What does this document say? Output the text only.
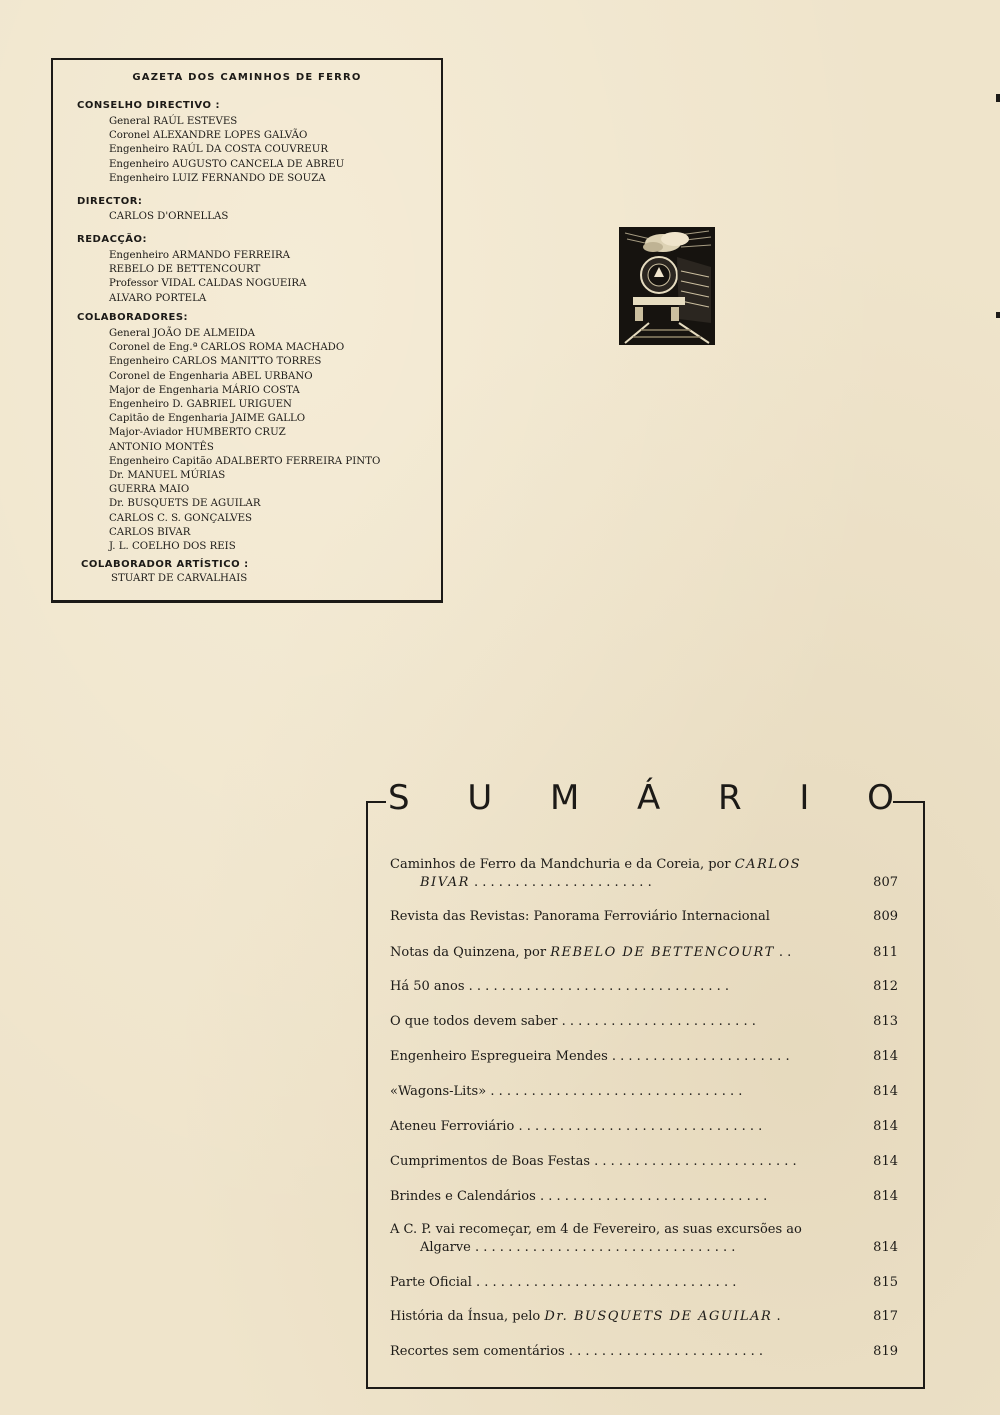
GAZETA DOS CAMINHOS DE FERRO
CONSELHO DIRECTIVO :
General RAÚL ESTEVES
Coronel ALEXANDRE LOPES GALVÃO
Engenheiro RAÚL DA COSTA COUVREUR
Engenheiro AUGUSTO CANCELA DE ABREU
Engenheiro LUIZ FERNANDO DE SOUZA
DIRECTOR:
CARLOS D'ORNELLAS
REDACÇÃO:
Engenheiro ARMANDO FERREIRA
REBELO DE BETTENCOURT
Professor VIDAL CALDAS NOGUEIRA
ALVARO PORTELA
COLABORADORES:
General JOÃO DE ALMEIDA
Coronel de Eng.ª CARLOS ROMA MACHADO
Engenheiro CARLOS MANITTO TORRES
Coronel de Engenharia ABEL URBANO
Major de Engenharia MÁRIO COSTA
Engenheiro D. GABRIEL URIGUEN
Capitão de Engenharia JAIME GALLO
Major-Aviador HUMBERTO CRUZ
ANTONIO MONTÊS
Engenheiro Capitão ADALBERTO FERREIRA PINTO
Dr. MANUEL MÚRIAS
GUERRA MAIO
Dr. BUSQUETS DE AGUILAR
CARLOS C. S. GONÇALVES
CARLOS BIVAR
J. L. COELHO DOS REIS
COLABORADOR ARTÍSTICO :
STUART DE CARVALHAIS
S U M Á R I O
Caminhos de Ferro da Mandchuria e da Coreia, por CARLOS
BIVAR . . . . . . . . . . . . . . . . . . . . . .	807
Revista das Revistas: Panorama Ferroviário Internacional	809
Notas da Quinzena, por REBELO DE BETTENCOURT . .	811
Há 50 anos . . . . . . . . . . . . . . . . . . . . . . . . . . . . . . . .	812
O que todos devem saber . . . . . . . . . . . . . . . . . . . . . . . .	813
Engenheiro Espregueira Mendes . . . . . . . . . . . . . . . . . . . . . .	814
«Wagons-Lits» . . . . . . . . . . . . . . . . . . . . . . . . . . . . . . .	814
Ateneu Ferroviário . . . . . . . . . . . . . . . . . . . . . . . . . . . . . .	814
Cumprimentos de Boas Festas . . . . . . . . . . . . . . . . . . . . . . . . .	814
Brindes e Calendários . . . . . . . . . . . . . . . . . . . . . . . . . . . .	814
A C. P. vai recomeçar, em 4 de Fevereiro, as suas excursões ao
Algarve . . . . . . . . . . . . . . . . . . . . . . . . . . . . . . . .	814
Parte Oficial . . . . . . . . . . . . . . . . . . . . . . . . . . . . . . . .	815
História da Ínsua, pelo Dr. BUSQUETS DE AGUILAR .	817
Recortes sem comentários . . . . . . . . . . . . . . . . . . . . . . . .	819
